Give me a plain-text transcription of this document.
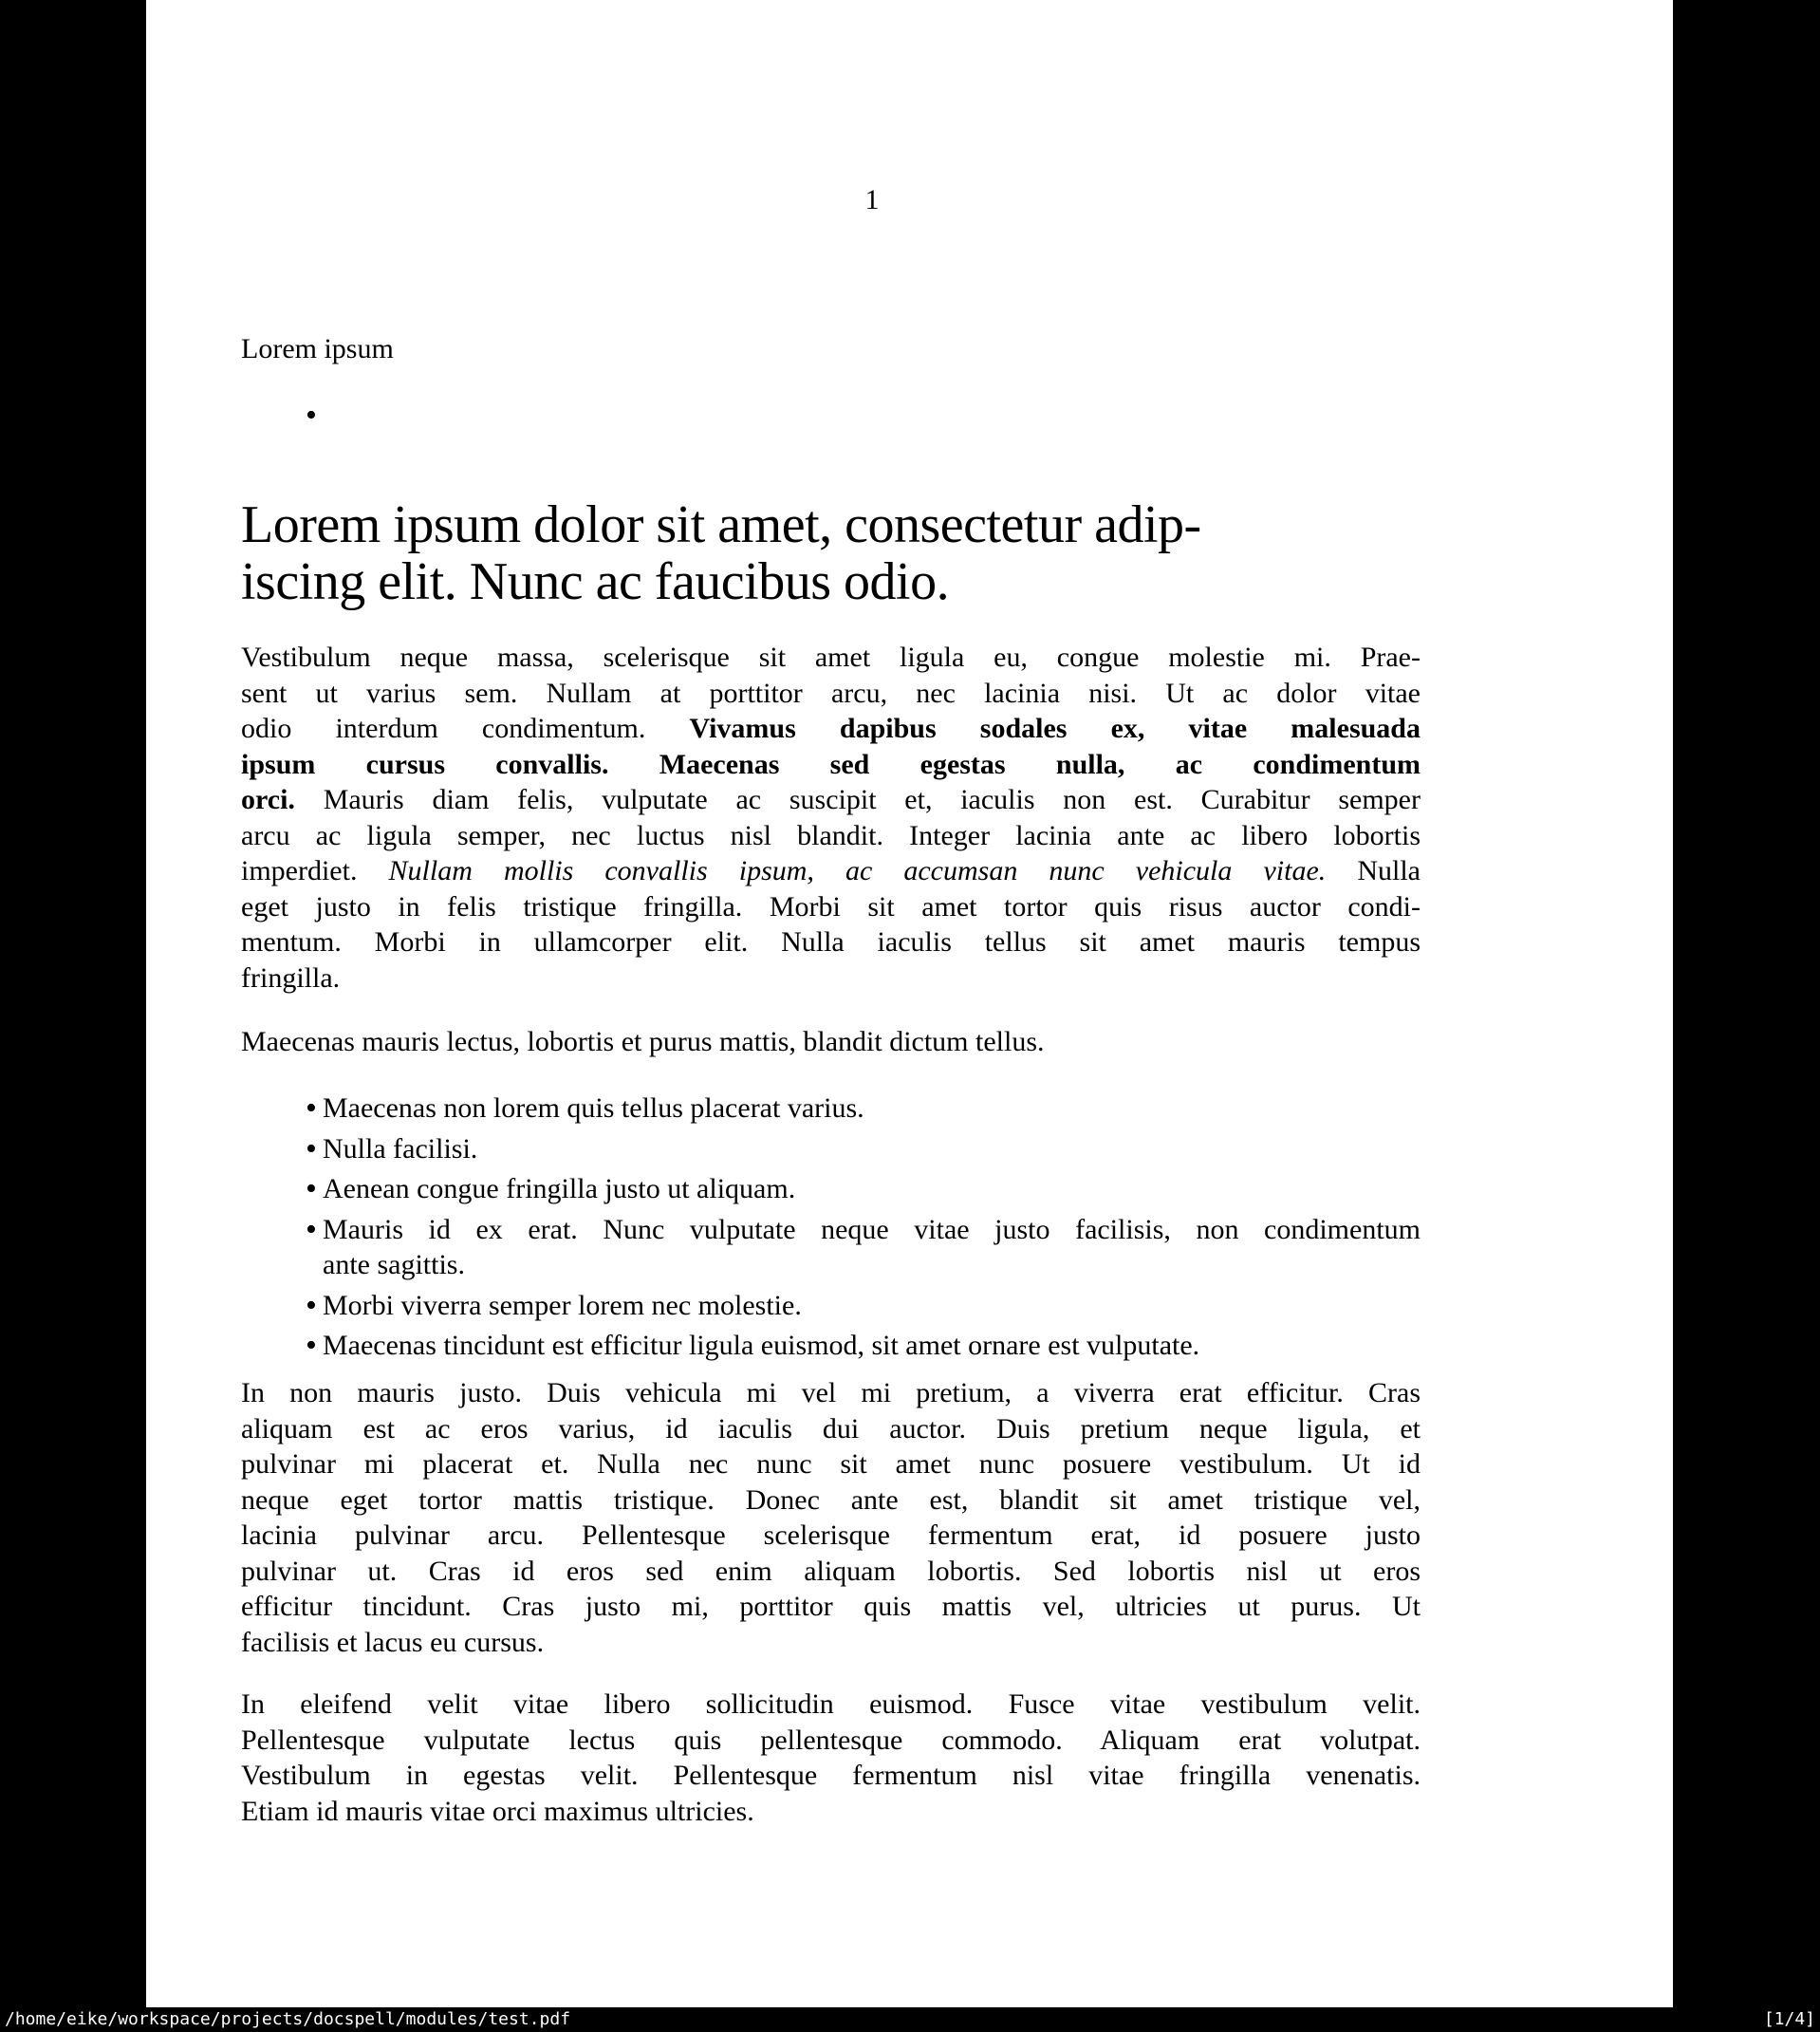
1
Lorem ipsum
•
Lorem ipsum dolor sit amet, consectetur adip-
iscing elit. Nunc ac faucibus odio.
Vestibulum neque massa, scelerisque sit amet ligula eu, congue molestie mi. Prae-
sent ut varius sem. Nullam at porttitor arcu, nec lacinia nisi. Ut ac dolor vitae
odio interdum condimentum. Vivamus dapibus sodales ex, vitae malesuada
ipsum cursus convallis. Maecenas sed egestas nulla, ac condimentum
orci. Mauris diam felis, vulputate ac suscipit et, iaculis non est. Curabitur semper
arcu ac ligula semper, nec luctus nisl blandit. Integer lacinia ante ac libero lobortis
imperdiet. Nullam mollis convallis ipsum, ac accumsan nunc vehicula vitae. Nulla
eget justo in felis tristique fringilla. Morbi sit amet tortor quis risus auctor condi-
mentum. Morbi in ullamcorper elit. Nulla iaculis tellus sit amet mauris tempus
fringilla.
Maecenas mauris lectus, lobortis et purus mattis, blandit dictum tellus.
• Maecenas non lorem quis tellus placerat varius.
• Nulla facilisi.
• Aenean congue fringilla justo ut aliquam.
• Mauris id ex erat. Nunc vulputate neque vitae justo facilisis, non condimentum
ante sagittis.
• Morbi viverra semper lorem nec molestie.
• Maecenas tincidunt est efficitur ligula euismod, sit amet ornare est vulputate.
In non mauris justo. Duis vehicula mi vel mi pretium, a viverra erat efficitur. Cras
aliquam est ac eros varius, id iaculis dui auctor. Duis pretium neque ligula, et
pulvinar mi placerat et. Nulla nec nunc sit amet nunc posuere vestibulum. Ut id
neque eget tortor mattis tristique. Donec ante est, blandit sit amet tristique vel,
lacinia pulvinar arcu. Pellentesque scelerisque fermentum erat, id posuere justo
pulvinar ut. Cras id eros sed enim aliquam lobortis. Sed lobortis nisl ut eros
efficitur tincidunt. Cras justo mi, porttitor quis mattis vel, ultricies ut purus. Ut
facilisis et lacus eu cursus.
In eleifend velit vitae libero sollicitudin euismod. Fusce vitae vestibulum velit.
Pellentesque vulputate lectus quis pellentesque commodo. Aliquam erat volutpat.
Vestibulum in egestas velit. Pellentesque fermentum nisl vitae fringilla venenatis.
Etiam id mauris vitae orci maximus ultricies.
/home/eike/workspace/projects/docspell/modules/test.pdf	[1/4]
